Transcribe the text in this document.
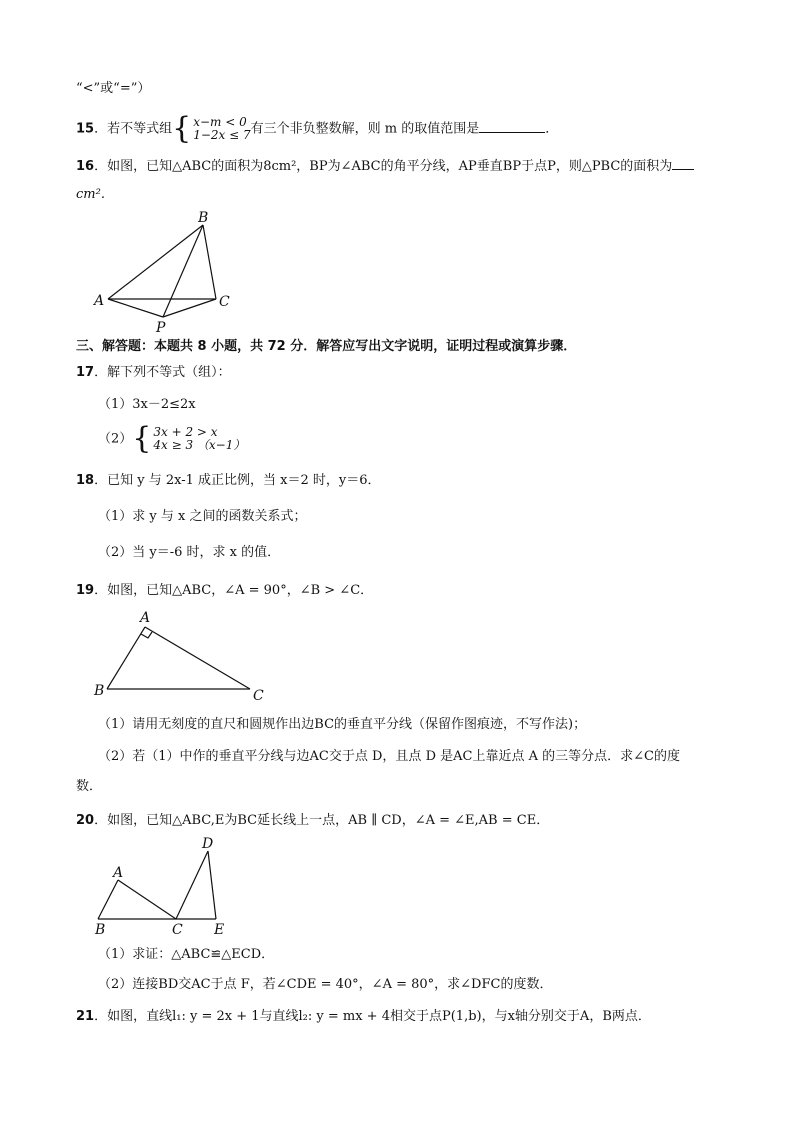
“<”或“=”）
15．若不等式组 { x−m < 0
1−2x ≤ 7 有三个非负整数解，则 m 的取值范围是	．
16．如图，已知△ABC的面积为8cm²，BP为∠ABC的角平分线，AP垂直BP于点P，则△PBC的面积为
cm².
B
A	C
P
三、解答题：本题共 8 小题，共 72 分．解答应写出文字说明，证明过程或演算步骤．
17．解下列不等式（组）：
（1）3x－2≤2x
（2） { 3x + 2 > x
4x ≥ 3 （x−1）
18．已知 y 与 2x-1 成正比例，当 x＝2 时，y＝6．
（1）求 y 与 x 之间的函数关系式；
（2）当 y＝-6 时，求 x 的值．
19．如图，已知△ABC，∠A = 90°，∠B > ∠C．
A
B	C
（1）请用无刻度的直尺和圆规作出边BC的垂直平分线（保留作图痕迹，不写作法)；
（2）若（1）中作的垂直平分线与边AC交于点 D，且点 D 是AC上靠近点 A 的三等分点．求∠C的度
数．
20．如图，已知△ABC,E为BC延长线上一点，AB ∥ CD，∠A = ∠E,AB = CE．
A
B	C
D
E
（1）求证：△ABC≌△ECD．
（2）连接BD交AC于点 F，若∠CDE = 40°，∠A = 80°，求∠DFC的度数．
21．如图，直线l₁: y = 2x + 1与直线l₂: y = mx + 4相交于点P(1,b)，与x轴分别交于A，B两点．
